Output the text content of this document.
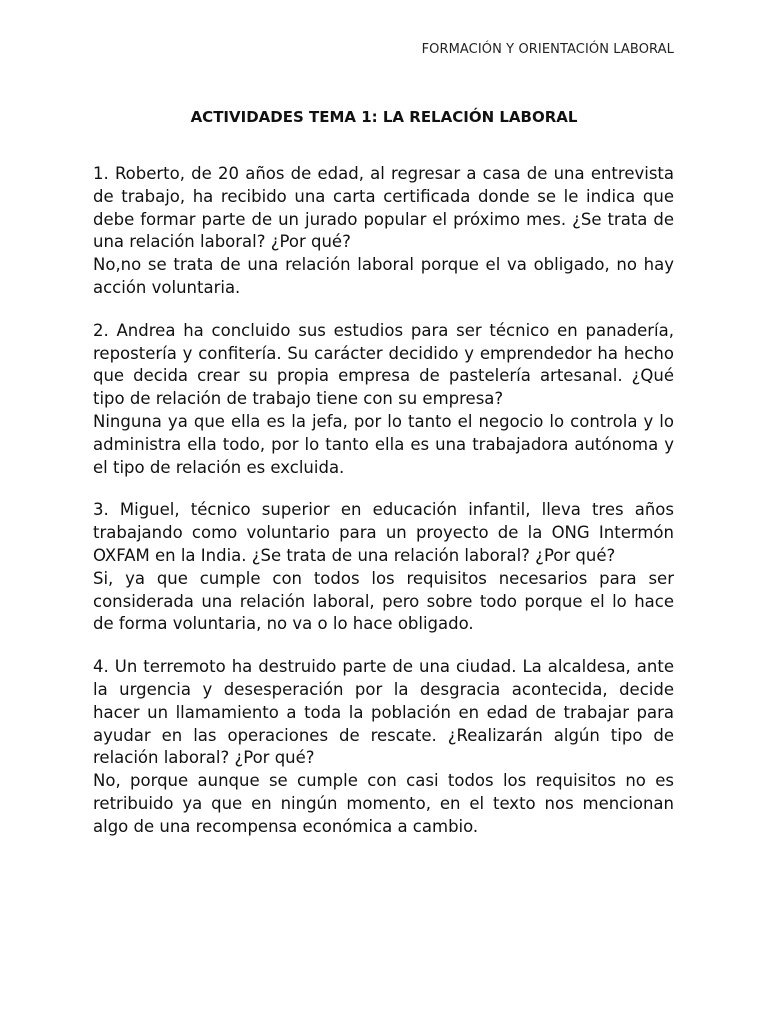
FORMACIÓN Y ORIENTACIÓN LABORAL
ACTIVIDADES TEMA 1: LA RELACIÓN LABORAL

1. Roberto, de 20 años de edad, al regresar a casa de una entrevista de trabajo, ha recibido una carta certificada donde se le indica que debe formar parte de un jurado popular el próximo mes. ¿Se trata de una relación laboral? ¿Por qué?

No,no se trata de una relación laboral porque el va obligado, no hay acción voluntaria.

2. Andrea ha concluido sus estudios para ser técnico en panadería, repostería y confitería. Su carácter decidido y emprendedor ha hecho que decida crear su propia empresa de pastelería artesanal. ¿Qué tipo de relación de trabajo tiene con su empresa?

Ninguna ya que ella es la jefa, por lo tanto el negocio lo controla y lo administra ella todo, por lo tanto ella es una trabajadora autónoma y el tipo de relación es excluida.

3. Miguel, técnico superior en educación infantil, lleva tres años trabajando como voluntario para un proyecto de la ONG Intermón OXFAM en la India. ¿Se trata de una relación laboral? ¿Por qué?

Si, ya que cumple con todos los requisitos necesarios para ser considerada una relación laboral, pero sobre todo porque el lo hace de forma voluntaria, no va o lo hace obligado.

4. Un terremoto ha destruido parte de una ciudad. La alcaldesa, ante la urgencia y desesperación por la desgracia acontecida, decide hacer un llamamiento a toda la población en edad de trabajar para ayudar en las operaciones de rescate. ¿Realizarán algún tipo de relación laboral? ¿Por qué?

No, porque aunque se cumple con casi todos los requisitos no es retribuido ya que en ningún momento, en el texto nos mencionan algo de una recompensa económica a cambio.
